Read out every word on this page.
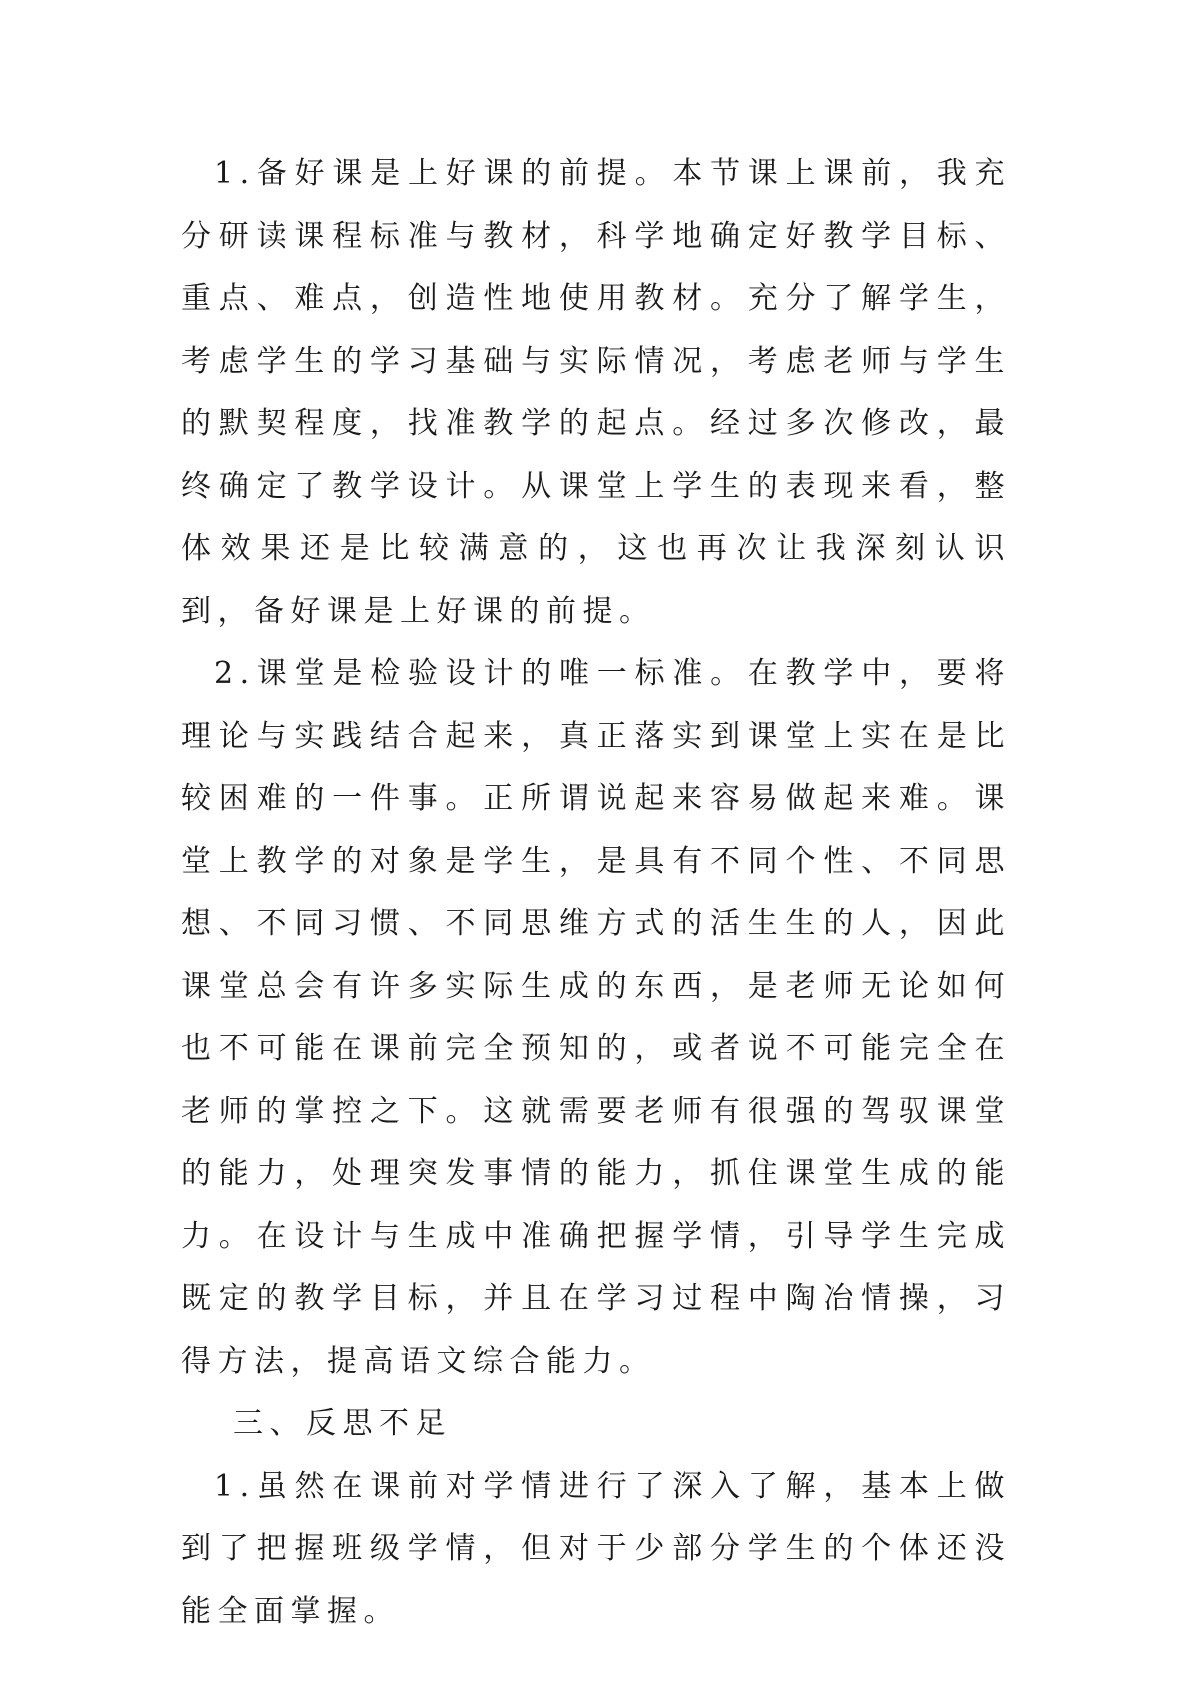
1.备好课是上好课的前提。本节课上课前，我充分研读课程标准与教材，科学地确定好教学目标、重点、难点，创造性地使用教材。充分了解学生，考虑学生的学习基础与实际情况，考虑老师与学生的默契程度，找准教学的起点。经过多次修改，最终确定了教学设计。从课堂上学生的表现来看，整体效果还是比较满意的，这也再次让我深刻认识到，备好课是上好课的前提。

2.课堂是检验设计的唯一标准。在教学中，要将理论与实践结合起来，真正落实到课堂上实在是比较困难的一件事。正所谓说起来容易做起来难。课堂上教学的对象是学生，是具有不同个性、不同思想、不同习惯、不同思维方式的活生生的人，因此课堂总会有许多实际生成的东西，是老师无论如何也不可能在课前完全预知的，或者说不可能完全在老师的掌控之下。这就需要老师有很强的驾驭课堂的能力，处理突发事情的能力，抓住课堂生成的能力。在设计与生成中准确把握学情，引导学生完成既定的教学目标，并且在学习过程中陶冶情操，习得方法，提高语文综合能力。

三、反思不足

1.虽然在课前对学情进行了深入了解，基本上做到了把握班级学情，但对于少部分学生的个体还没能全面掌握。
